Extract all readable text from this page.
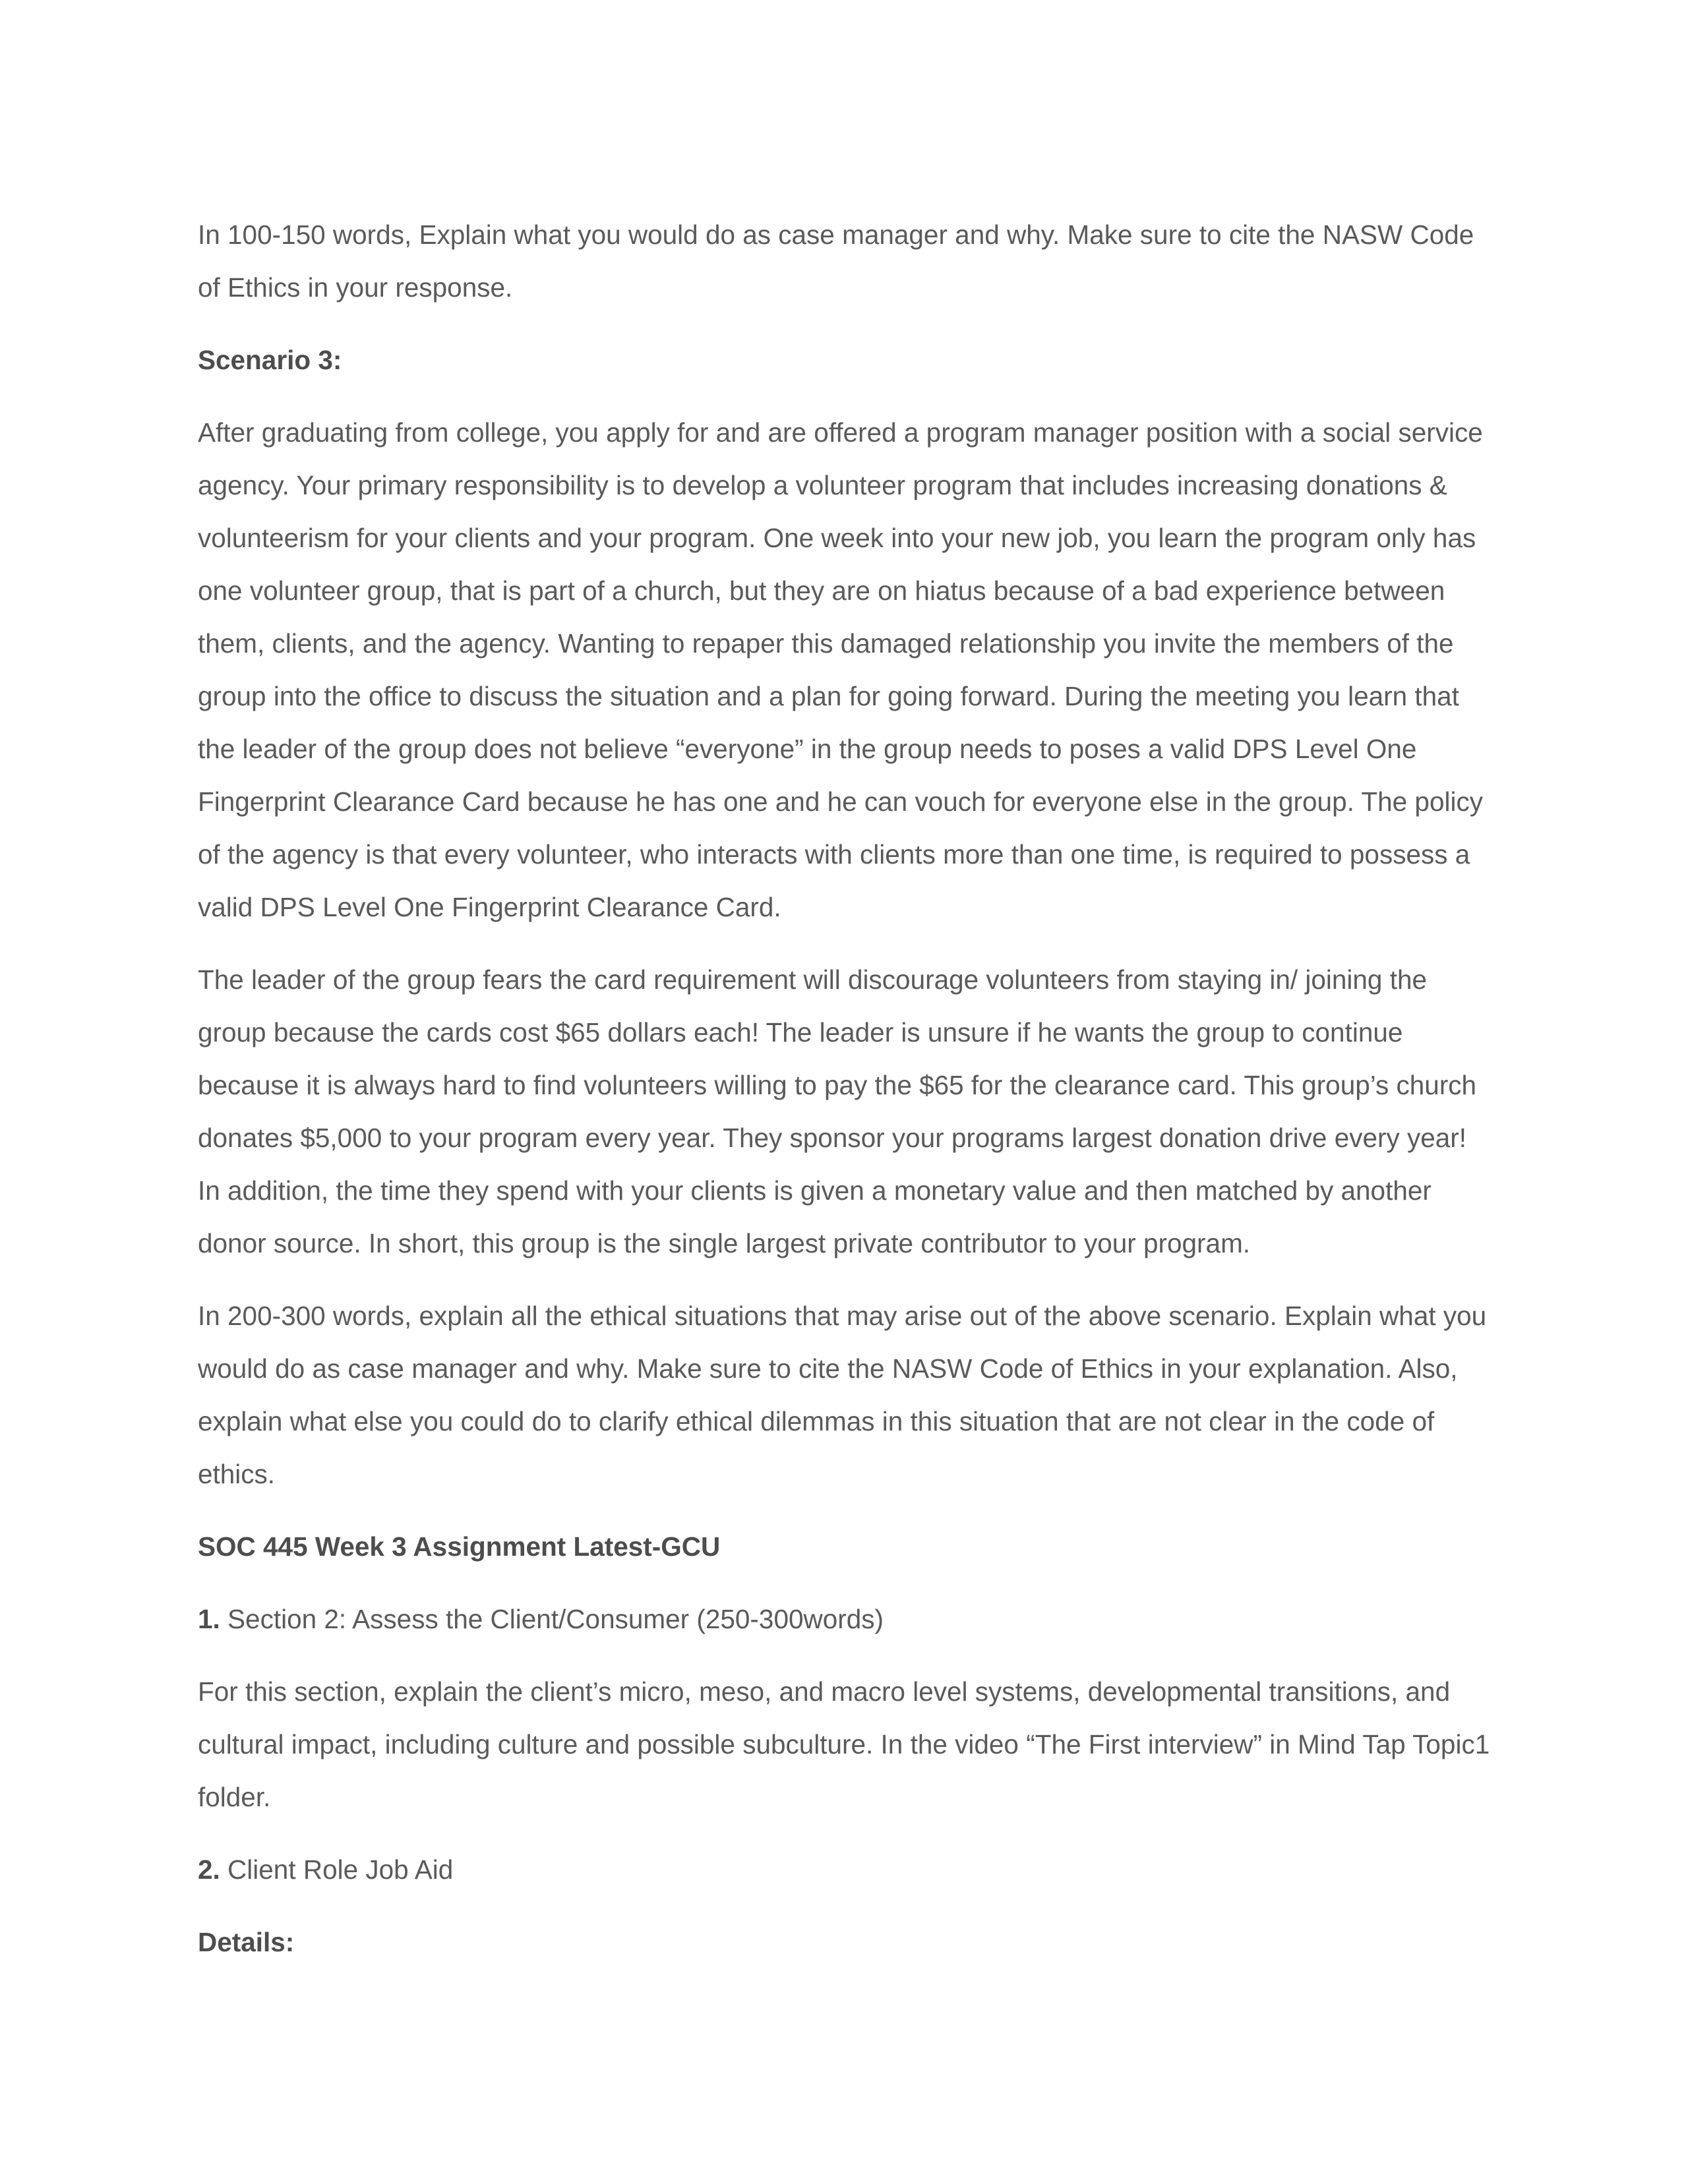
In 100-150 words, Explain what you would do as case manager and why. Make sure to cite the NASW Code of Ethics in your response.

Scenario 3:

After graduating from college, you apply for and are offered a program manager position with a social service agency. Your primary responsibility is to develop a volunteer program that includes increasing donations & volunteerism for your clients and your program. One week into your new job, you learn the program only has one volunteer group, that is part of a church, but they are on hiatus because of a bad experience between them, clients, and the agency. Wanting to repaper this damaged relationship you invite the members of the group into the office to discuss the situation and a plan for going forward. During the meeting you learn that the leader of the group does not believe “everyone” in the group needs to poses a valid DPS Level One Fingerprint Clearance Card because he has one and he can vouch for everyone else in the group. The policy of the agency is that every volunteer, who interacts with clients more than one time, is required to possess a valid DPS Level One Fingerprint Clearance Card.

The leader of the group fears the card requirement will discourage volunteers from staying in/ joining the group because the cards cost $65 dollars each! The leader is unsure if he wants the group to continue because it is always hard to find volunteers willing to pay the $65 for the clearance card. This group’s church donates $5,000 to your program every year. They sponsor your programs largest donation drive every year! In addition, the time they spend with your clients is given a monetary value and then matched by another donor source. In short, this group is the single largest private contributor to your program.

In 200-300 words, explain all the ethical situations that may arise out of the above scenario. Explain what you would do as case manager and why. Make sure to cite the NASW Code of Ethics in your explanation. Also, explain what else you could do to clarify ethical dilemmas in this situation that are not clear in the code of ethics.

SOC 445 Week 3 Assignment Latest-GCU

1. Section 2: Assess the Client/Consumer (250-300words)

For this section, explain the client’s micro, meso, and macro level systems, developmental transitions, and cultural impact, including culture and possible subculture. In the video “The First interview” in Mind Tap Topic1 folder.

2. Client Role Job Aid

Details:
